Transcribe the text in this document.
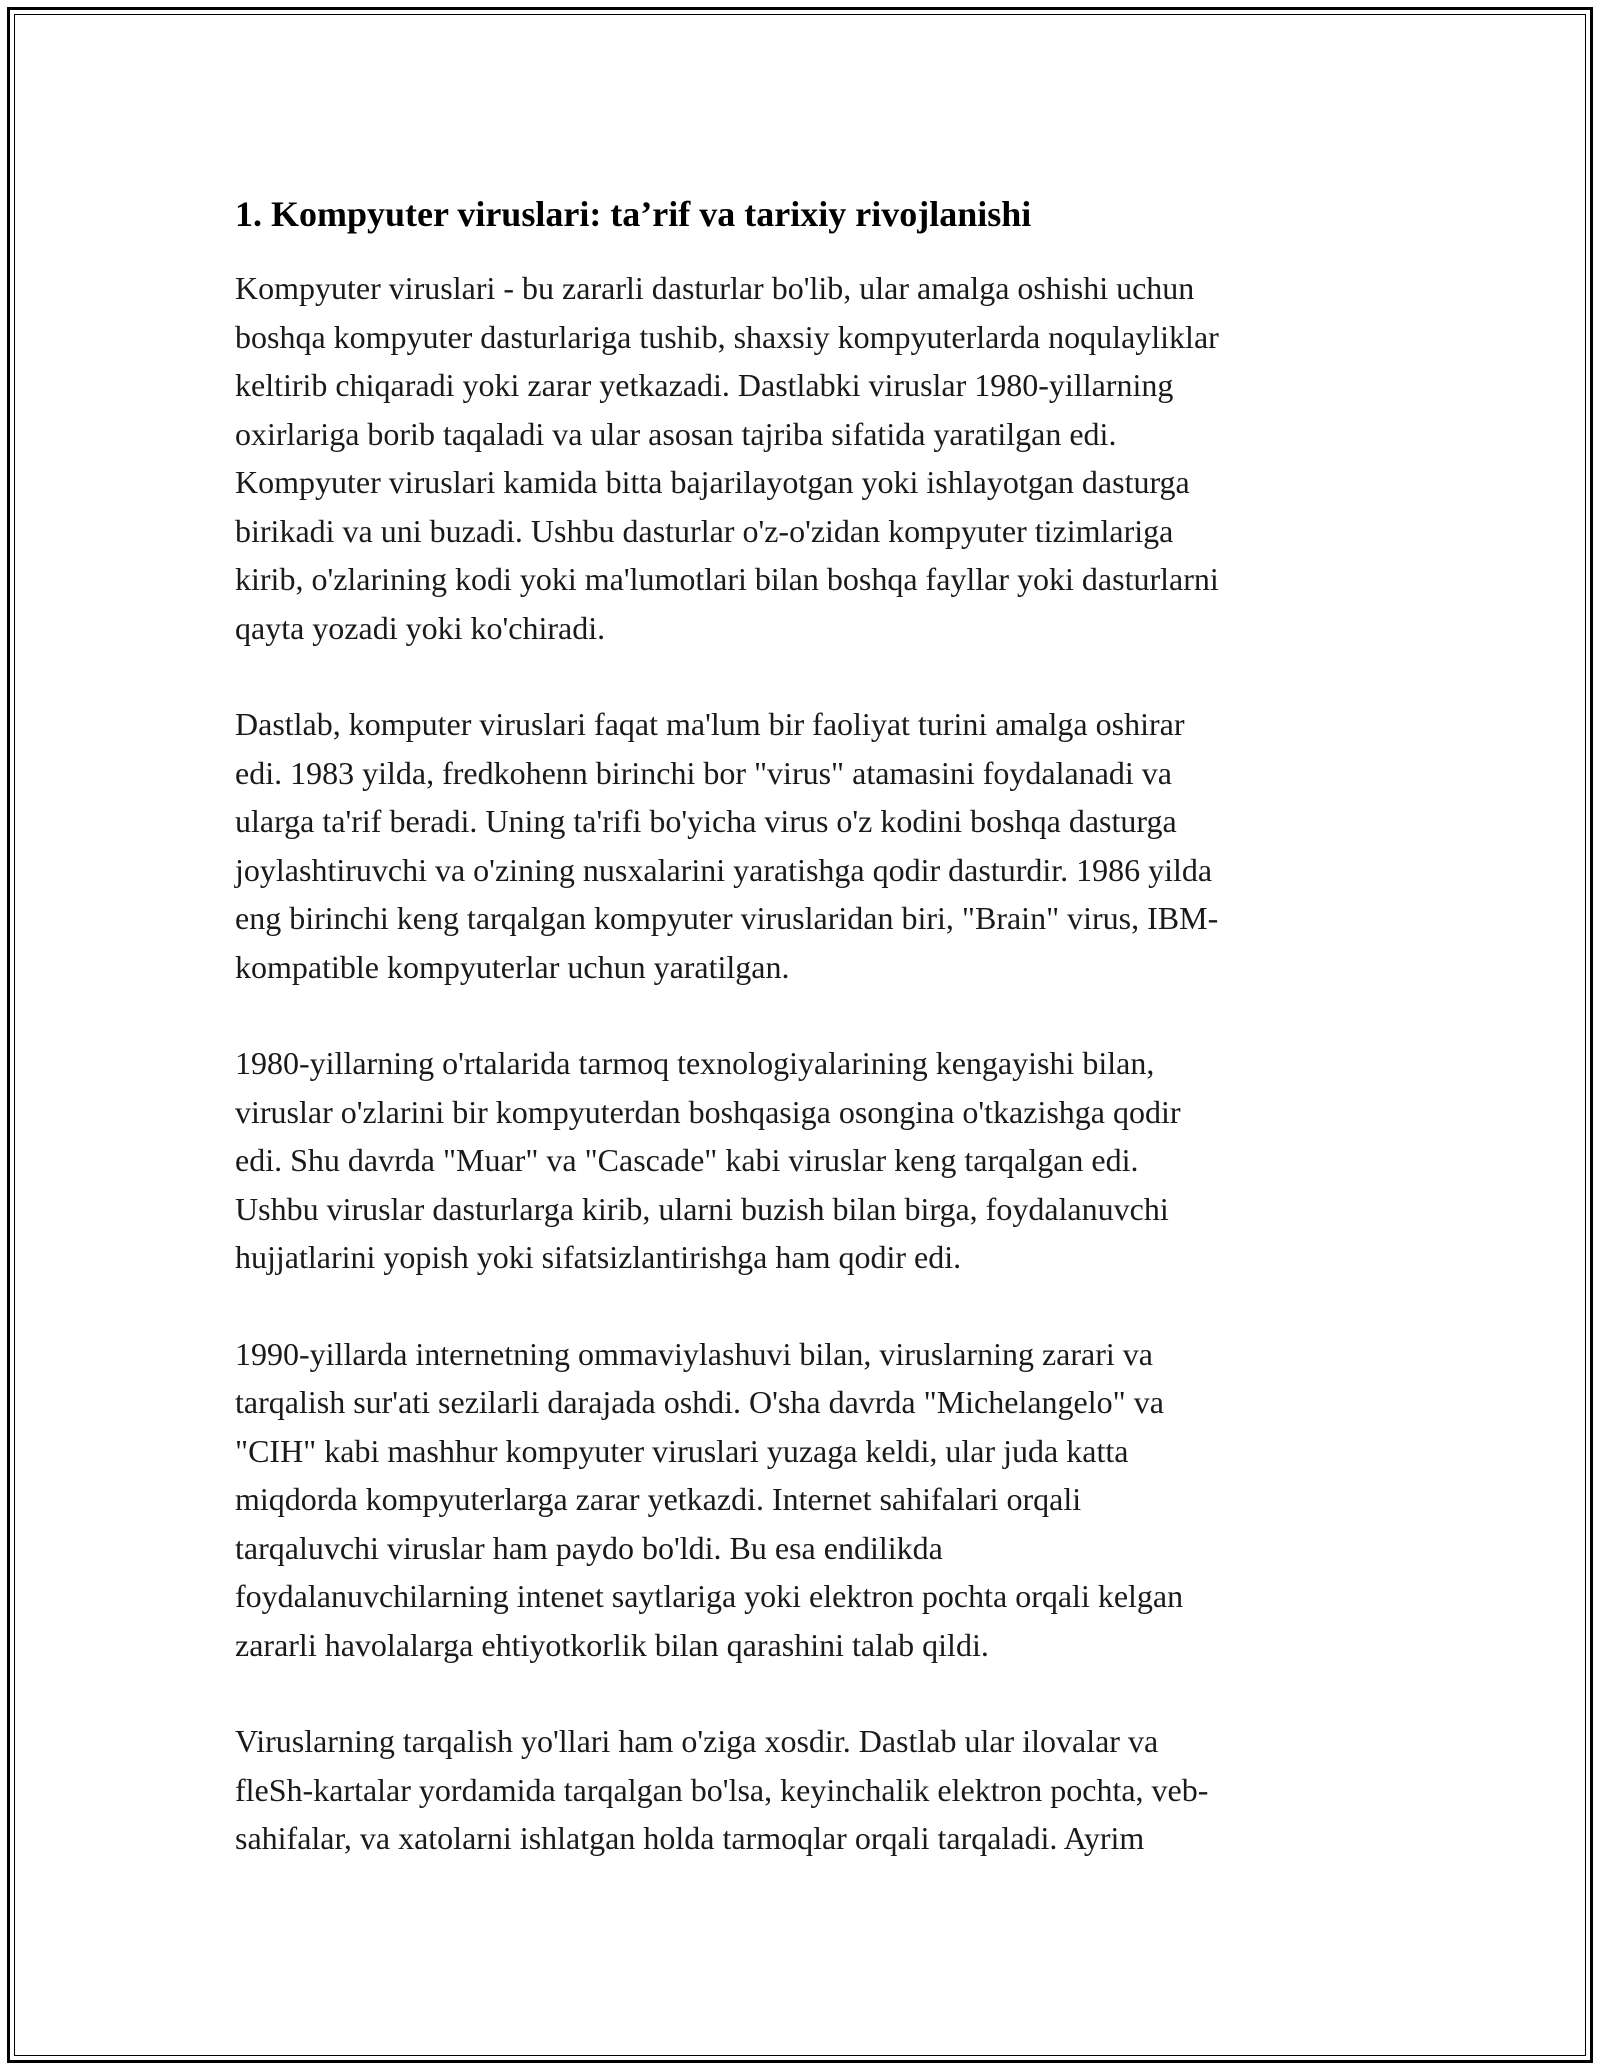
1. Kompyuter viruslari: ta’rif va tarixiy rivojlanishi

Kompyuter viruslari - bu zararli dasturlar bo'lib, ular amalga oshishi uchun
boshqa kompyuter dasturlariga tushib, shaxsiy kompyuterlarda noqulayliklar
keltirib chiqaradi yoki zarar yetkazadi. Dastlabki viruslar 1980-yillarning
oxirlariga borib taqaladi va ular asosan tajriba sifatida yaratilgan edi.
Kompyuter viruslari kamida bitta bajarilayotgan yoki ishlayotgan dasturga
birikadi va uni buzadi. Ushbu dasturlar o'z-o'zidan kompyuter tizimlariga
kirib, o'zlarining kodi yoki ma'lumotlari bilan boshqa fayllar yoki dasturlarni
qayta yozadi yoki ko'chiradi.

Dastlab, komputer viruslari faqat ma'lum bir faoliyat turini amalga oshirar
edi. 1983 yilda, fredkohenn birinchi bor "virus" atamasini foydalanadi va
ularga ta'rif beradi. Uning ta'rifi bo'yicha virus o'z kodini boshqa dasturga
joylashtiruvchi va o'zining nusxalarini yaratishga qodir dasturdir. 1986 yilda
eng birinchi keng tarqalgan kompyuter viruslaridan biri, "Brain" virus, IBM-
kompatible kompyuterlar uchun yaratilgan.

1980-yillarning o'rtalarida tarmoq texnologiyalarining kengayishi bilan,
viruslar o'zlarini bir kompyuterdan boshqasiga osongina o'tkazishga qodir
edi. Shu davrda "Muar" va "Cascade" kabi viruslar keng tarqalgan edi.
Ushbu viruslar dasturlarga kirib, ularni buzish bilan birga, foydalanuvchi
hujjatlarini yopish yoki sifatsizlantirishga ham qodir edi.

1990-yillarda internetning ommaviylashuvi bilan, viruslarning zarari va
tarqalish sur'ati sezilarli darajada oshdi. O'sha davrda "Michelangelo" va
"CIH" kabi mashhur kompyuter viruslari yuzaga keldi, ular juda katta
miqdorda kompyuterlarga zarar yetkazdi. Internet sahifalari orqali
tarqaluvchi viruslar ham paydo bo'ldi. Bu esa endilikda
foydalanuvchilarning intenet saytlariga yoki elektron pochta orqali kelgan
zararli havolalarga ehtiyotkorlik bilan qarashini talab qildi.

Viruslarning tarqalish yo'llari ham o'ziga xosdir. Dastlab ular ilovalar va
fleSh-kartalar yordamida tarqalgan bo'lsa, keyinchalik elektron pochta, veb-
sahifalar, va xatolarni ishlatgan holda tarmoqlar orqali tarqaladi. Ayrim
